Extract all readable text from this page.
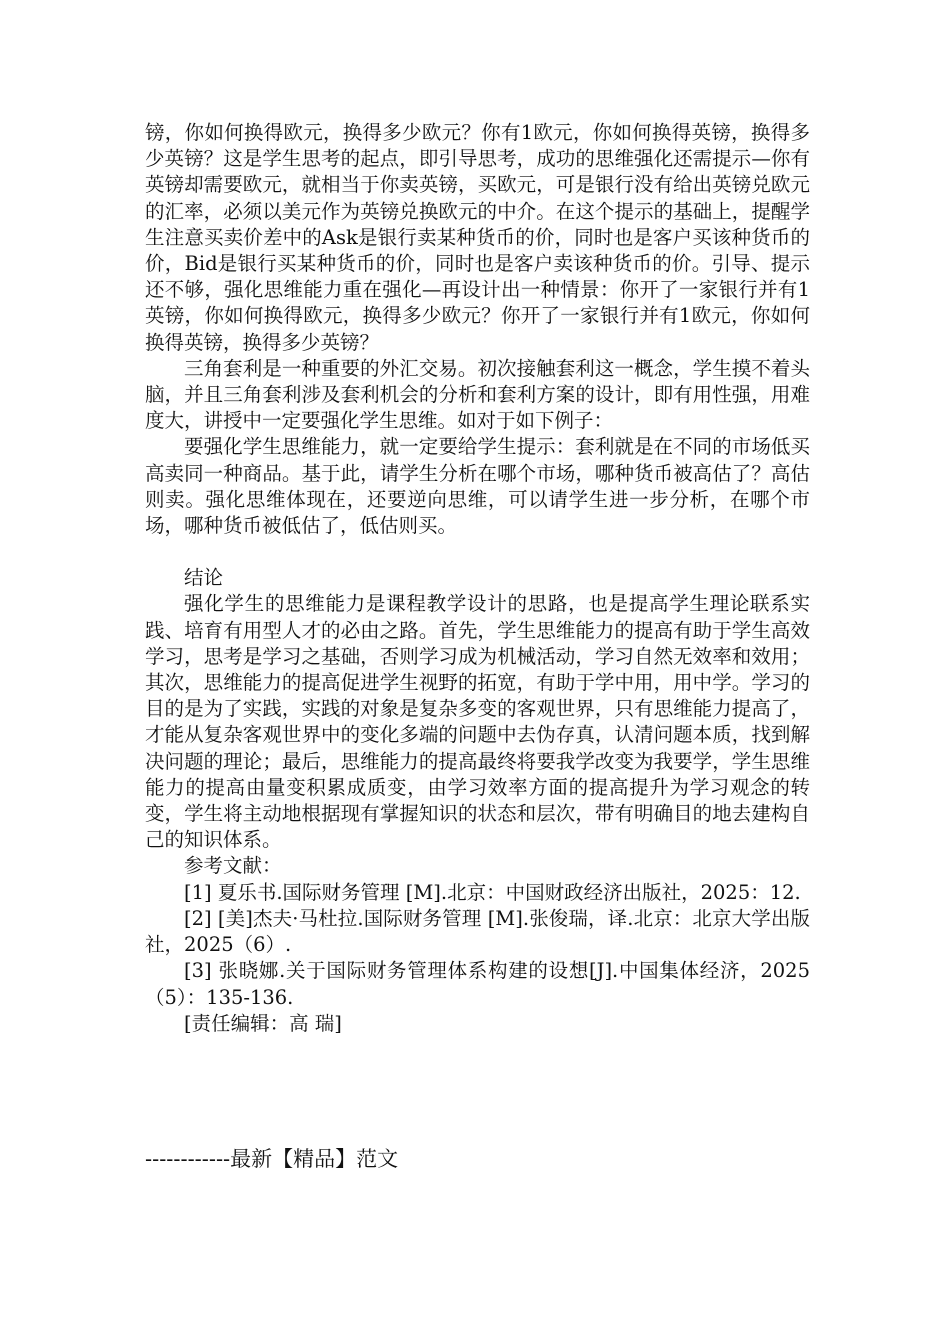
镑，你如何换得欧元，换得多少欧元？你有1欧元，你如何换得英镑，换得多少英镑？这是学生思考的起点，即引导思考，成功的思维强化还需提示—你有英镑却需要欧元，就相当于你卖英镑，买欧元，可是银行没有给出英镑兑欧元的汇率，必须以美元作为英镑兑换欧元的中介。在这个提示的基础上，提醒学生注意买卖价差中的Ask是银行卖某种货币的价，同时也是客户买该种货币的价，Bid是银行买某种货币的价，同时也是客户卖该种货币的价。引导、提示还不够，强化思维能力重在强化—再设计出一种情景：你开了一家银行并有1英镑，你如何换得欧元，换得多少欧元？你开了一家银行并有1欧元，你如何换得英镑，换得多少英镑？

三角套利是一种重要的外汇交易。初次接触套利这一概念，学生摸不着头脑，并且三角套利涉及套利机会的分析和套利方案的设计，即有用性强，用难度大，讲授中一定要强化学生思维。如对于如下例子：

要强化学生思维能力，就一定要给学生提示：套利就是在不同的市场低买高卖同一种商品。基于此，请学生分析在哪个市场，哪种货币被高估了？高估则卖。强化思维体现在，还要逆向思维，可以请学生进一步分析，在哪个市场，哪种货币被低估了，低估则买。

结论

强化学生的思维能力是课程教学设计的思路，也是提高学生理论联系实践、培育有用型人才的必由之路。首先，学生思维能力的提高有助于学生高效学习，思考是学习之基础，否则学习成为机械活动，学习自然无效率和效用；其次，思维能力的提高促进学生视野的拓宽，有助于学中用，用中学。学习的目的是为了实践，实践的对象是复杂多变的客观世界，只有思维能力提高了，才能从复杂客观世界中的变化多端的问题中去伪存真，认清问题本质，找到解决问题的理论；最后，思维能力的提高最终将要我学改变为我要学，学生思维能力的提高由量变积累成质变，由学习效率方面的提高提升为学习观念的转变，学生将主动地根据现有掌握知识的状态和层次，带有明确目的地去建构自己的知识体系。

参考文献：

[1] 夏乐书.国际财务管理 [M].北京：中国财政经济出版社，2025：12.

[2] [美]杰夫·马杜拉.国际财务管理 [M].张俊瑞，译.北京：北京大学出版社，2025（6）.

[3] 张晓娜.关于国际财务管理体系构建的设想[J].中国集体经济，2025（5）：135-136.

[责任编辑：高 瑞]

------------最新【精品】范文
